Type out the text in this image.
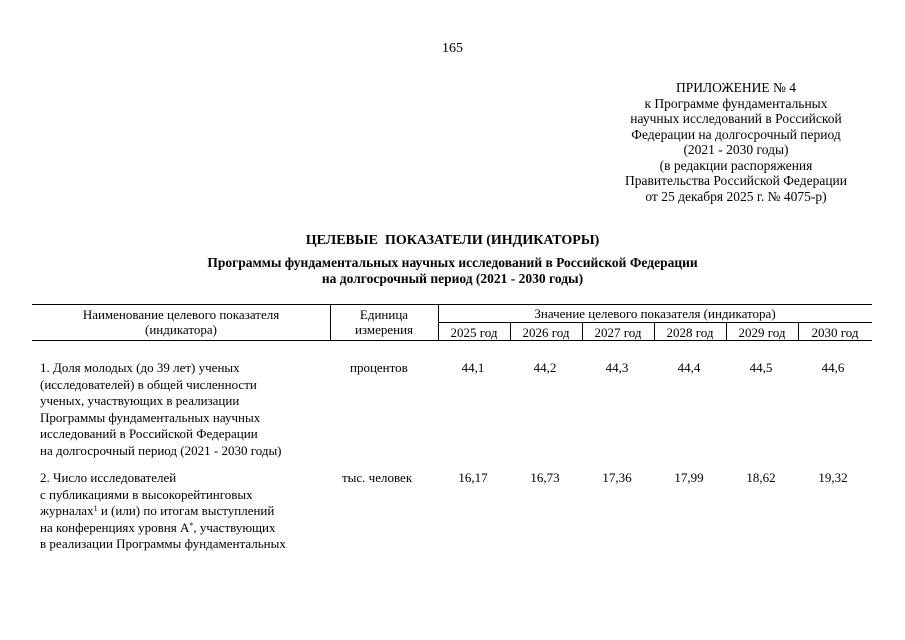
165
ПРИЛОЖЕНИЕ № 4
к Программе фундаментальных
научных исследований в Российской
Федерации на долгосрочный период
(2021 - 2030 годы)
(в редакции распоряжения
Правительства Российской Федерации
от 25 декабря 2025 г. № 4075-р)
ЦЕЛЕВЫЕ  ПОКАЗАТЕЛИ (ИНДИКАТОРЫ)
Программы фундаментальных научных исследований в Российской Федерации
на долгосрочный период (2021 - 2030 годы)
Наименование целевого показателя
(индикатора)
Единица
измерения
Значение целевого показателя (индикатора)
2025 год	2026 год	2027 год	2028 год	2029 год	2030 год
1. Доля молодых (до 39 лет) ученых
(исследователей) в общей численности
ученых, участвующих в реализации
Программы фундаментальных научных
исследований в Российской Федерации
на долгосрочный период (2021 - 2030 годы)
процентов	44,1	44,2	44,3	44,4	44,5	44,6
2. Число исследователей
с публикациями в высокорейтинговых
журналах$^1$ и (или) по итогам выступлений
на конференциях уровня А*, участвующих
в реализации Программы фундаментальных
тыс. человек	16,17	16,73	17,36	17,99	18,62	19,32
